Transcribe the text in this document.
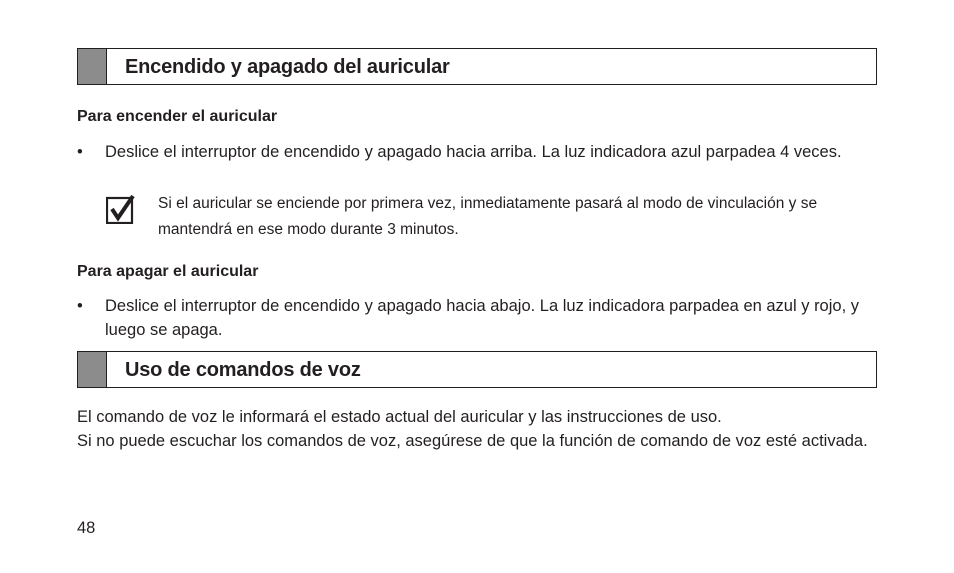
Encendido y apagado del auricular
Para encender el auricular
• Deslice el interruptor de encendido y apagado hacia arriba. La luz indicadora azul parpadea 4 veces.
Si el auricular se enciende por primera vez, inmediatamente pasará al modo de vinculación y se mantendrá en ese modo durante 3 minutos.
Para apagar el auricular
• Deslice el interruptor de encendido y apagado hacia abajo. La luz indicadora parpadea en azul y rojo, y luego se apaga.
Uso de comandos de voz
El comando de voz le informará el estado actual del auricular y las instrucciones de uso.
Si no puede escuchar los comandos de voz, asegúrese de que la función de comando de voz esté activada.
48
